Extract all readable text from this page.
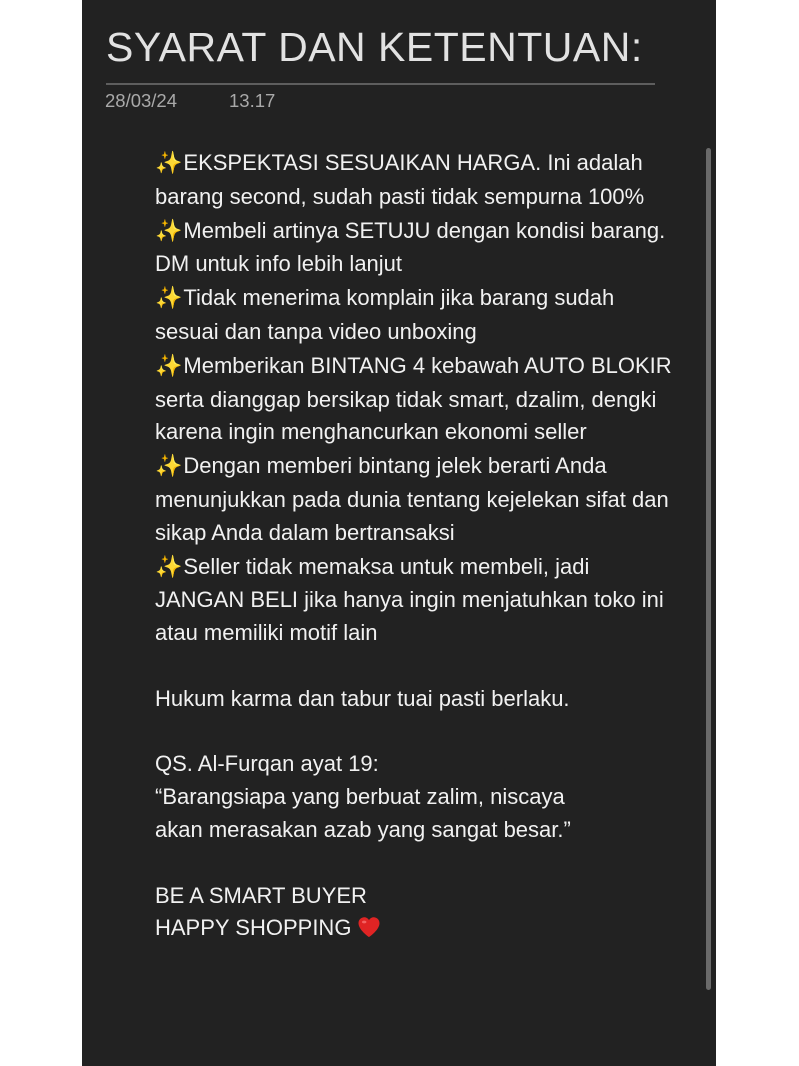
SYARAT DAN KETENTUAN:
28/03/24	13.17

✨EKSPEKTASI SESUAIKAN HARGA. Ini adalah barang second, sudah pasti tidak sempurna 100%

✨Membeli artinya SETUJU dengan kondisi barang. DM untuk info lebih lanjut

✨Tidak menerima komplain jika barang sudah sesuai dan tanpa video unboxing

✨Memberikan BINTANG 4 kebawah AUTO BLOKIR serta dianggap bersikap tidak smart, dzalim, dengki karena ingin menghancurkan ekonomi seller

✨Dengan memberi bintang jelek berarti Anda menunjukkan pada dunia tentang kejelekan sifat dan sikap Anda dalam bertransaksi

✨Seller tidak memaksa untuk membeli, jadi JANGAN BELI jika hanya ingin menjatuhkan toko ini atau memiliki motif lain

Hukum karma dan tabur tuai pasti berlaku.

QS. Al-Furqan ayat 19:

“Barangsiapa yang berbuat zalim, niscaya

akan merasakan azab yang sangat besar.”

BE A SMART BUYER

HAPPY SHOPPING
